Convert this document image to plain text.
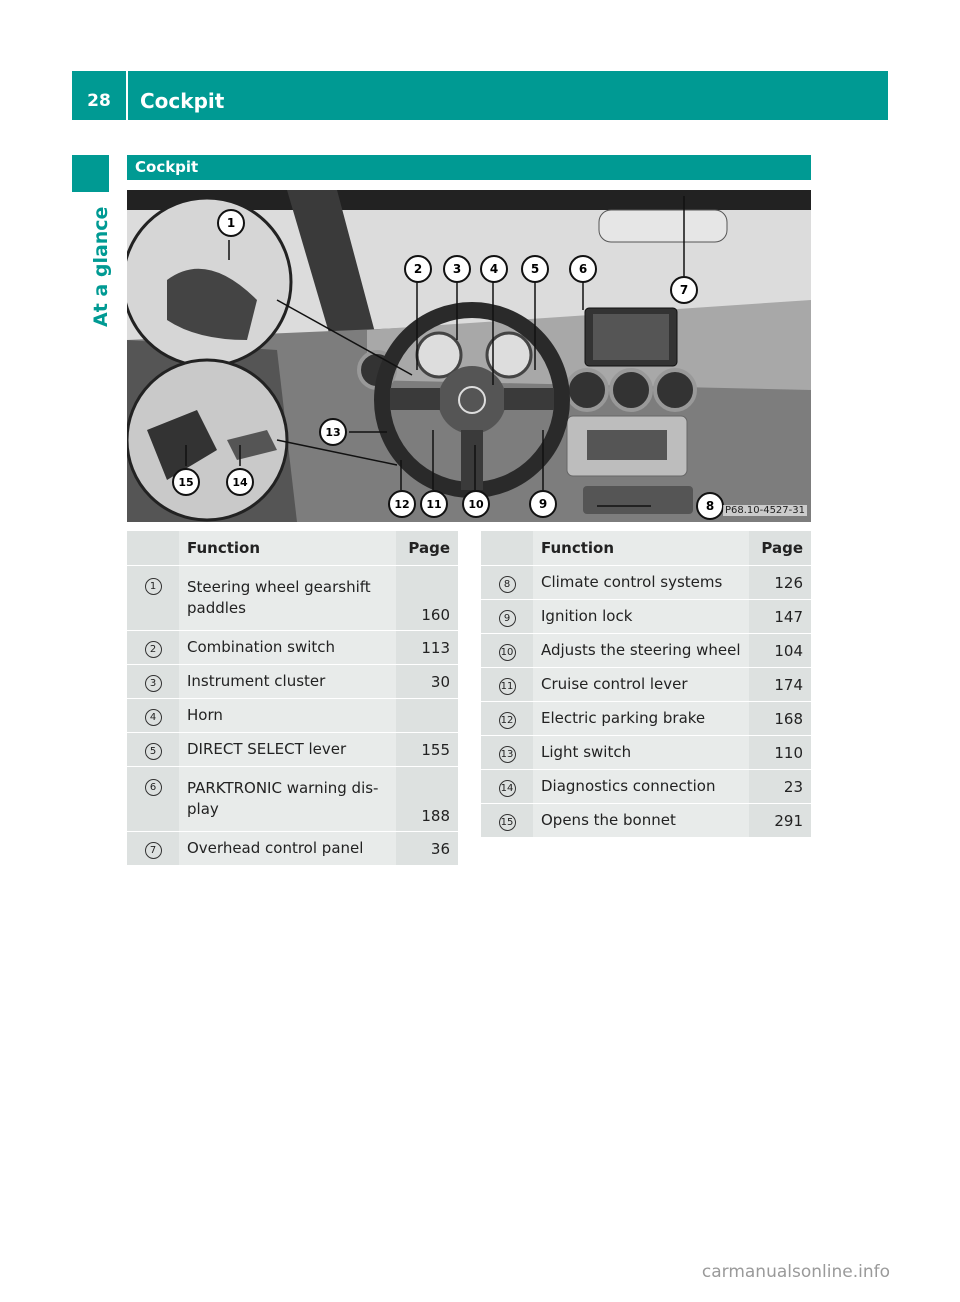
28	Cockpit
At a glance
Cockpit
1
2	3 4	5	6
7
8
9
10
11
12
13
14
15
P68.10-4527-31
	Function	Page
1	Steering wheel gearshift
paddles	160
2	Combination switch	113
3	Instrument cluster	30
4	Horn	
5	DIRECT SELECT lever	155
6	PARKTRONIC warning dis-
play	188
7	Overhead control panel	36
	Function	Page
8	Climate control systems	126
9	Ignition lock	147
10	Adjusts the steering wheel	104
11	Cruise control lever	174
12	Electric parking brake	168
13	Light switch	110
14	Diagnostics connection	23
15	Opens the bonnet	291
carmanualsonline.info
